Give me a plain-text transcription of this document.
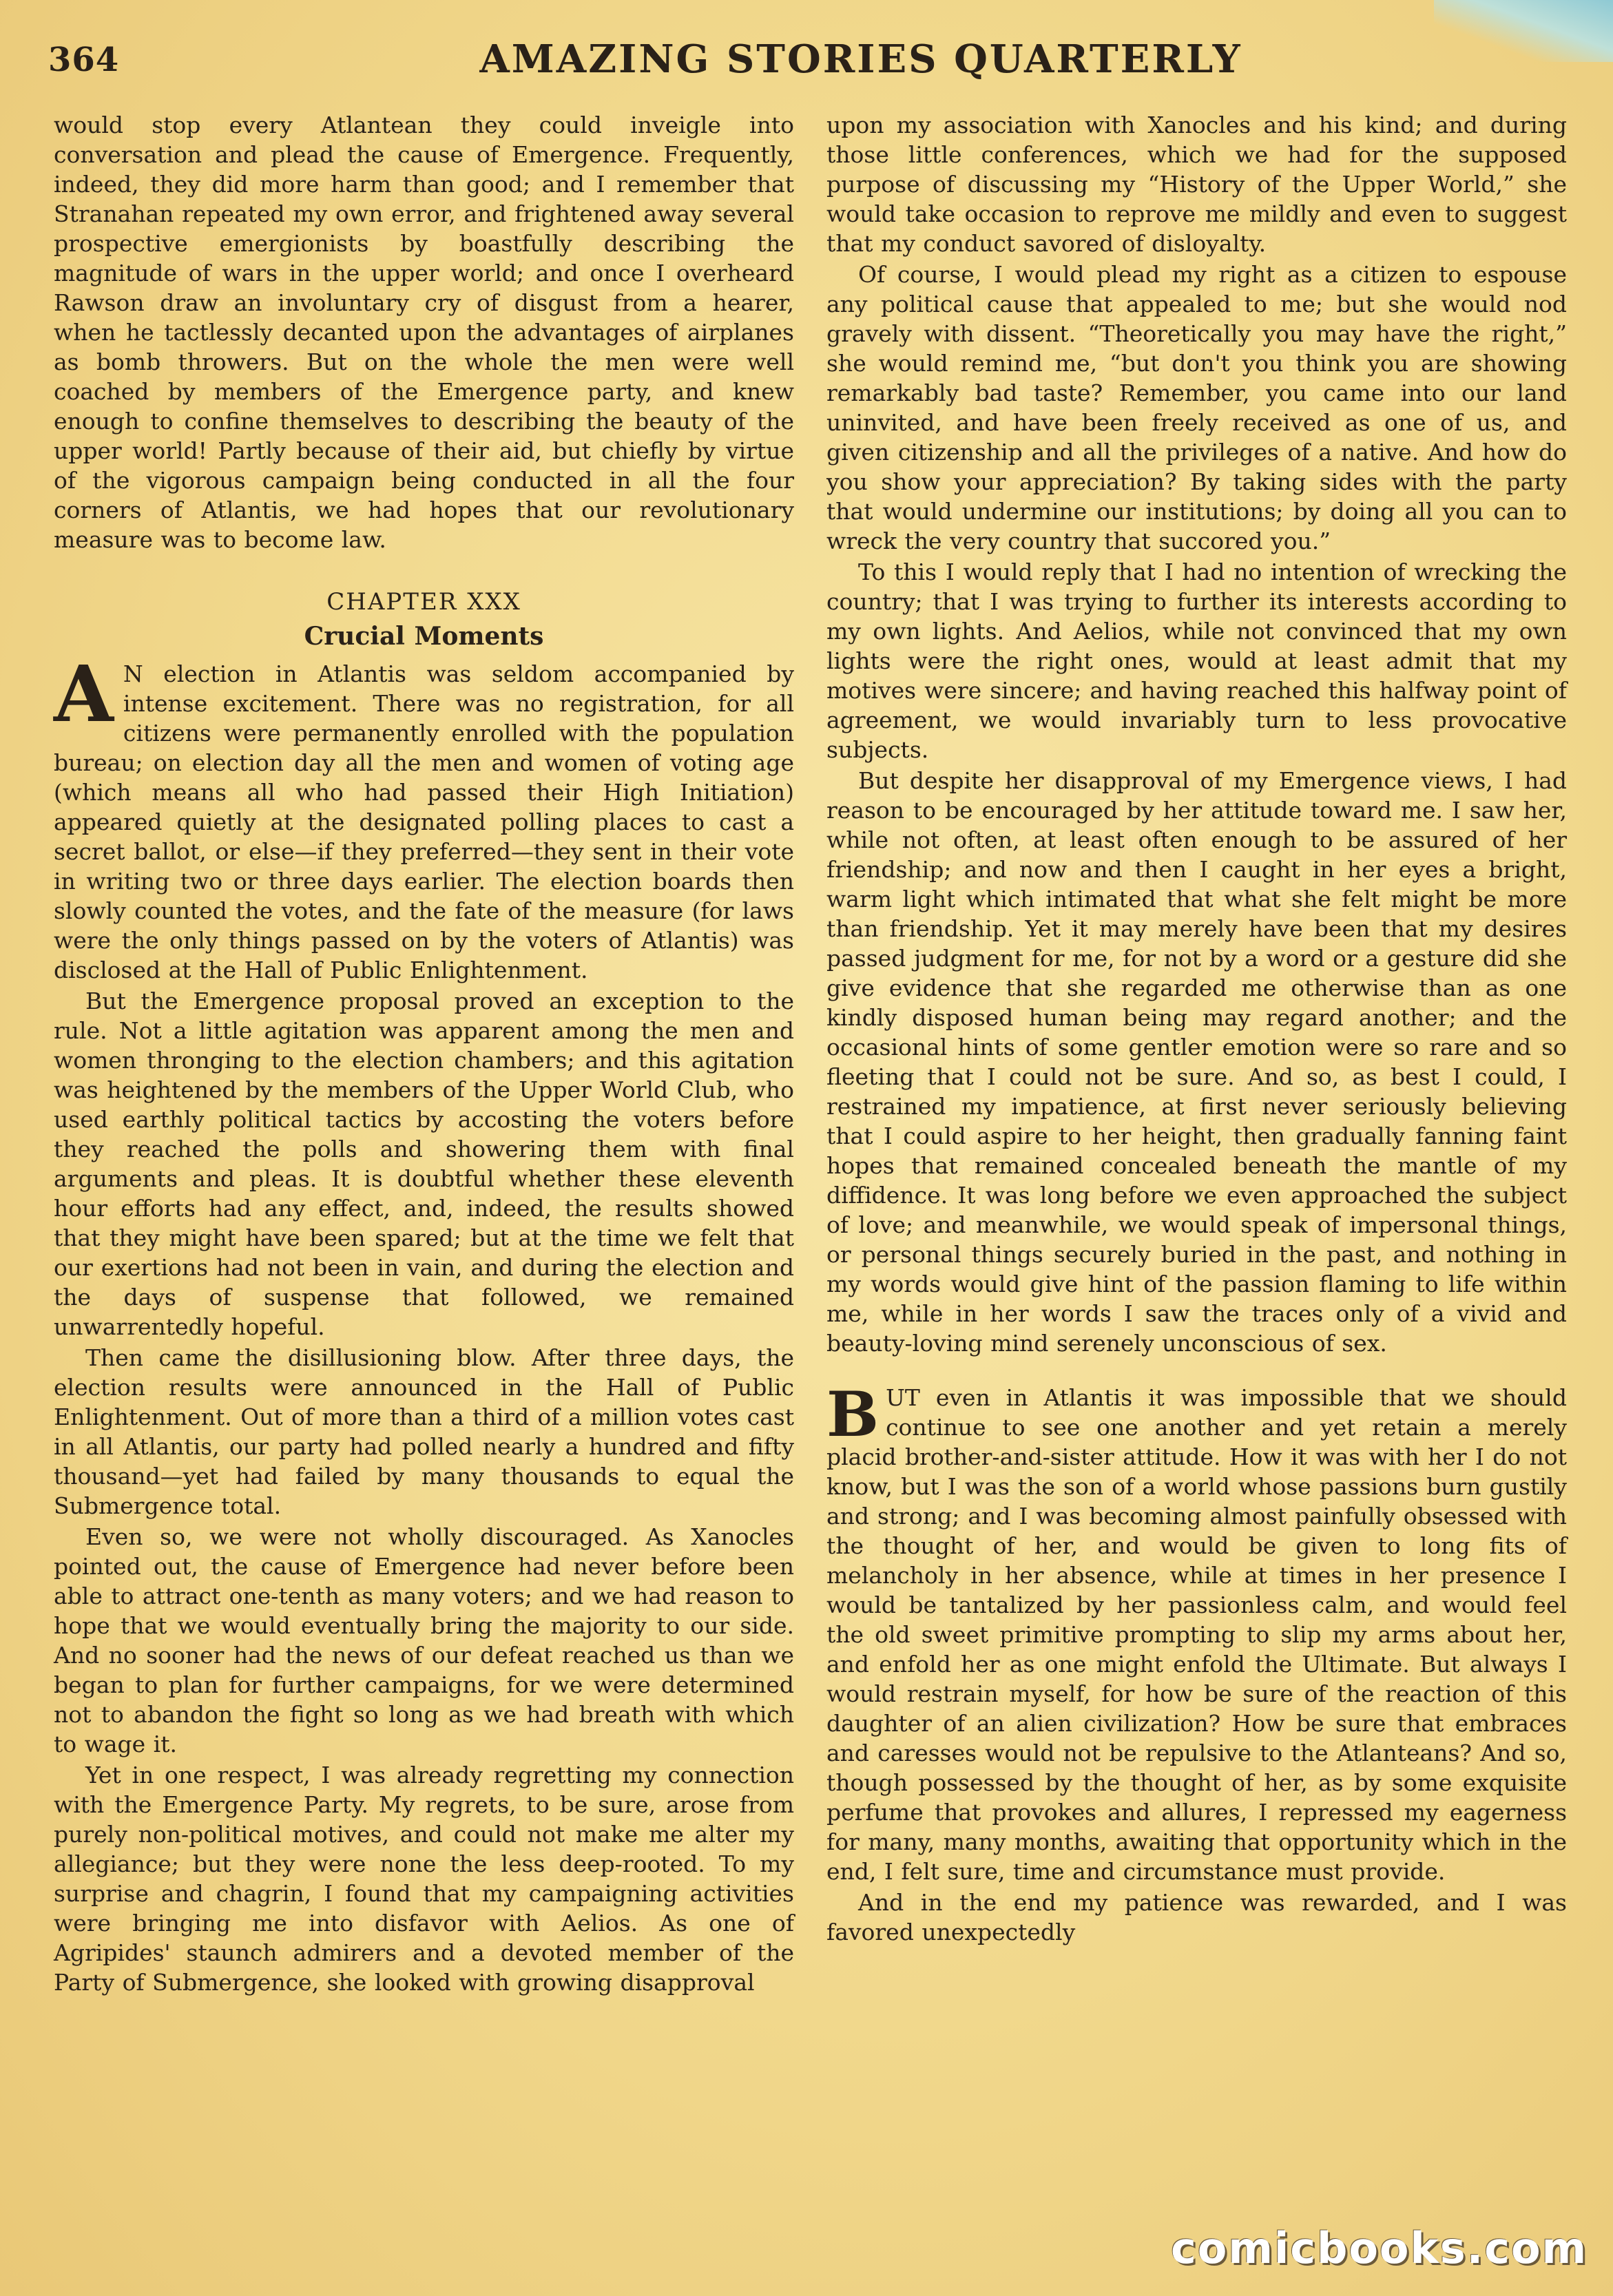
364	AMAZING STORIES QUARTERLY

would stop every Atlantean they could inveigle into conversation and plead the cause of Emergence. Frequently, indeed, they did more harm than good; and I remember that Stranahan repeated my own error, and frightened away several prospective emergionists by boastfully describing the magnitude of wars in the upper world; and once I overheard Rawson draw an involuntary cry of disgust from a hearer, when he tactlessly decanted upon the advantages of airplanes as bomb throwers. But on the whole the men were well coached by members of the Emergence party, and knew enough to confine themselves to describing the beauty of the upper world! Partly because of their aid, but chiefly by virtue of the vigorous campaign being conducted in all the four corners of Atlantis, we had hopes that our revolutionary measure was to become law.

CHAPTER XXX
Crucial Moments

A N election in Atlantis was seldom accompanied by intense excitement. There was no registration, for all citizens were permanently enrolled with the population bureau; on election day all the men and women of voting age (which means all who had passed their High Initiation) appeared quietly at the designated polling places to cast a secret ballot, or else—if they preferred—they sent in their vote in writing two or three days earlier. The election boards then slowly counted the votes, and the fate of the measure (for laws were the only things passed on by the voters of Atlantis) was disclosed at the Hall of Public Enlightenment.

But the Emergence proposal proved an exception to the rule. Not a little agitation was apparent among the men and women thronging to the election chambers; and this agitation was heightened by the members of the Upper World Club, who used earthly political tactics by accosting the voters before they reached the polls and showering them with final arguments and pleas. It is doubtful whether these eleventh hour efforts had any effect, and, indeed, the results showed that they might have been spared; but at the time we felt that our exertions had not been in vain, and during the election and the days of suspense that followed, we remained unwarrentedly hopeful.

Then came the disillusioning blow. After three days, the election results were announced in the Hall of Public Enlightenment. Out of more than a third of a million votes cast in all Atlantis, our party had polled nearly a hundred and fifty thousand—yet had failed by many thousands to equal the Submergence total.

Even so, we were not wholly discouraged. As Xanocles pointed out, the cause of Emergence had never before been able to attract one-tenth as many voters; and we had reason to hope that we would eventually bring the majority to our side. And no sooner had the news of our defeat reached us than we began to plan for further campaigns, for we were determined not to abandon the fight so long as we had breath with which to wage it.

Yet in one respect, I was already regretting my connection with the Emergence Party. My regrets, to be sure, arose from purely non-political motives, and could not make me alter my allegiance; but they were none the less deep-rooted. To my surprise and chagrin, I found that my campaigning activities were bringing me into disfavor with Aelios. As one of Agripides' staunch admirers and a devoted member of the Party of Submergence, she looked with growing disapproval

upon my association with Xanocles and his kind; and during those little conferences, which we had for the supposed purpose of discussing my “History of the Upper World,” she would take occasion to reprove me mildly and even to suggest that my conduct savored of disloyalty.

Of course, I would plead my right as a citizen to espouse any political cause that appealed to me; but she would nod gravely with dissent. “Theoretically you may have the right,” she would remind me, “but don't you think you are showing remarkably bad taste? Remember, you came into our land uninvited, and have been freely received as one of us, and given citizenship and all the privileges of a native. And how do you show your appreciation? By taking sides with the party that would undermine our institutions; by doing all you can to wreck the very country that succored you.”

To this I would reply that I had no intention of wrecking the country; that I was trying to further its interests according to my own lights. And Aelios, while not convinced that my own lights were the right ones, would at least admit that my motives were sincere; and having reached this halfway point of agreement, we would invariably turn to less provocative subjects.

But despite her disapproval of my Emergence views, I had reason to be encouraged by her attitude toward me. I saw her, while not often, at least often enough to be assured of her friendship; and now and then I caught in her eyes a bright, warm light which intimated that what she felt might be more than friendship. Yet it may merely have been that my desires passed judgment for me, for not by a word or a gesture did she give evidence that she regarded me otherwise than as one kindly disposed human being may regard another; and the occasional hints of some gentler emotion were so rare and so fleeting that I could not be sure. And so, as best I could, I restrained my impatience, at first never seriously believing that I could aspire to her height, then gradually fanning faint hopes that remained concealed beneath the mantle of my diffidence. It was long before we even approached the subject of love; and meanwhile, we would speak of impersonal things, or personal things securely buried in the past, and nothing in my words would give hint of the passion flaming to life within me, while in her words I saw the traces only of a vivid and beauty-loving mind serenely unconscious of sex.

BUT even in Atlantis it was impossible that we should continue to see one another and yet retain a merely placid brother-and-sister attitude. How it was with her I do not know, but I was the son of a world whose passions burn gustily and strong; and I was becoming almost painfully obsessed with the thought of her, and would be given to long fits of melancholy in her absence, while at times in her presence I would be tantalized by her passionless calm, and would feel the old sweet primitive prompting to slip my arms about her, and enfold her as one might enfold the Ultimate. But always I would restrain myself, for how be sure of the reaction of this daughter of an alien civilization? How be sure that embraces and caresses would not be repulsive to the Atlanteans? And so, though possessed by the thought of her, as by some exquisite perfume that provokes and allures, I repressed my eagerness for many, many months, awaiting that opportunity which in the end, I felt sure, time and circumstance must provide.

And in the end my patience was rewarded, and I was favored unexpectedly

comicbooks.com
